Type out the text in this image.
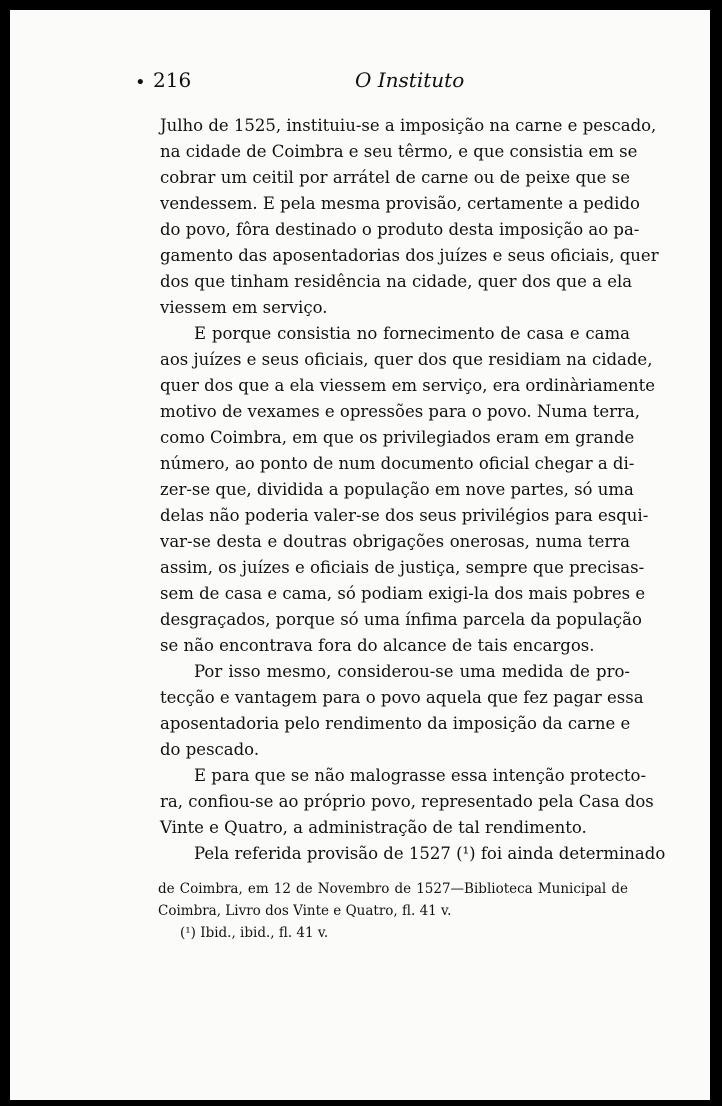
• 216	O Instituto
Julho de 1525, instituiu-se a imposição na carne e pescado,
na cidade de Coimbra e seu têrmo, e que consistia em se
cobrar um ceitil por arrátel de carne ou de peixe que se
vendessem. E pela mesma provisão, certamente a pedido
do povo, fôra destinado o produto desta imposição ao pa-
gamento das aposentadorias dos juízes e seus oficiais, quer
dos que tinham residência na cidade, quer dos que a ela
viessem em serviço.
E porque consistia no fornecimento de casa e cama
aos juízes e seus oficiais, quer dos que residiam na cidade,
quer dos que a ela viessem em serviço, era ordinàriamente
motivo de vexames e opressões para o povo. Numa terra,
como Coimbra, em que os privilegiados eram em grande
número, ao ponto de num documento oficial chegar a di-
zer-se que, dividida a população em nove partes, só uma
delas não poderia valer-se dos seus privilégios para esqui-
var-se desta e doutras obrigações onerosas, numa terra
assim, os juízes e oficiais de justiça, sempre que precisas-
sem de casa e cama, só podiam exigi-la dos mais pobres e
desgraçados, porque só uma ínfima parcela da população
se não encontrava fora do alcance de tais encargos.
Por isso mesmo, considerou-se uma medida de pro-
tecção e vantagem para o povo aquela que fez pagar essa
aposentadoria pelo rendimento da imposição da carne e
do pescado.
E para que se não malograsse essa intenção protecto-
ra, confiou-se ao próprio povo, representado pela Casa dos
Vinte e Quatro, a administração de tal rendimento.
Pela referida provisão de 1527 (¹) foi ainda determinado
de Coimbra, em 12 de Novembro de 1527—Biblioteca Municipal de
Coimbra, Livro dos Vinte e Quatro, fl. 41 v.
(¹) Ibid., ibid., fl. 41 v.
